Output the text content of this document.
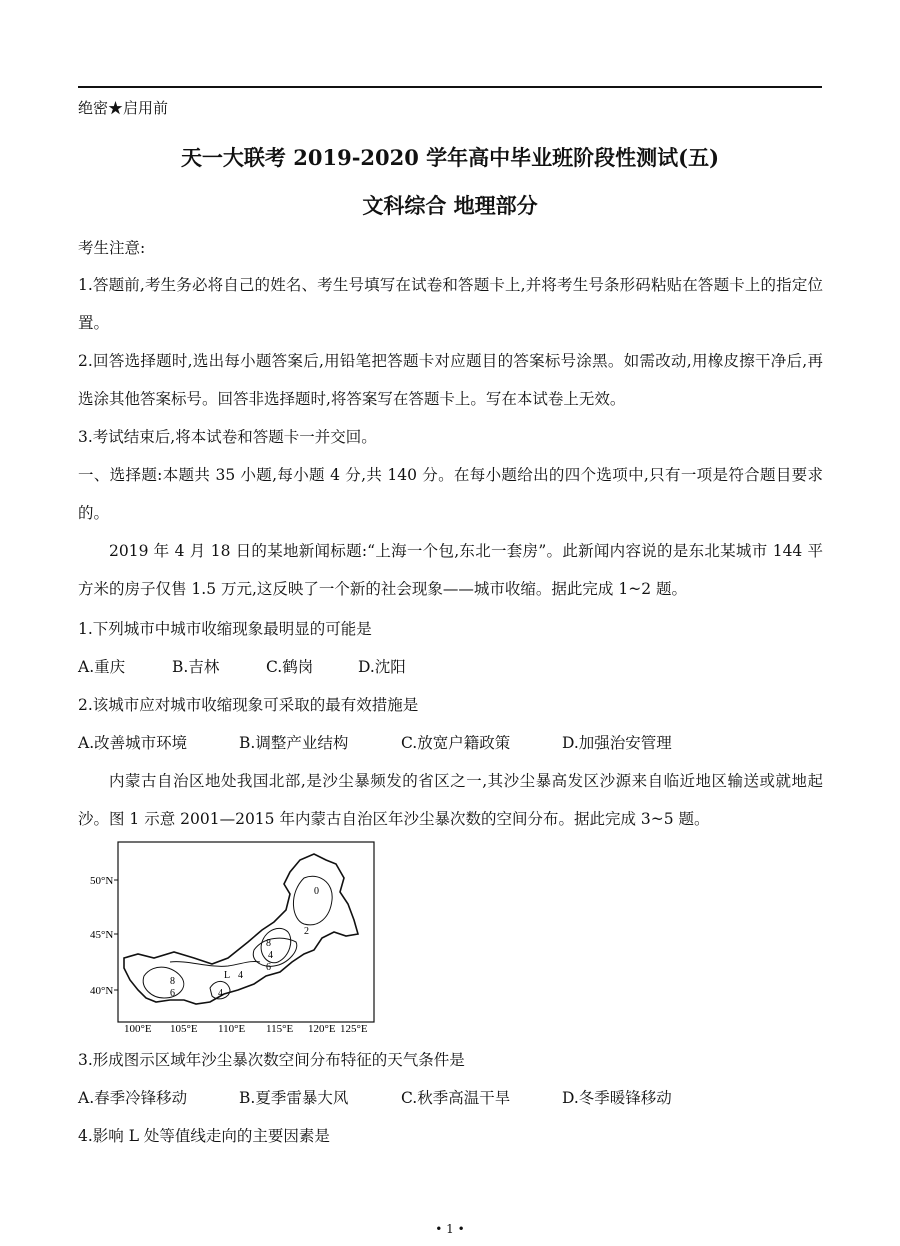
绝密★启用前
天一大联考 2019-2020 学年高中毕业班阶段性测试(五)
文科综合 地理部分
考生注意:
1.答题前,考生务必将自己的姓名、考生号填写在试卷和答题卡上,并将考生号条形码粘贴在答题卡上的指定位置。
2.回答选择题时,选出每小题答案后,用铅笔把答题卡对应题目的答案标号涂黑。如需改动,用橡皮擦干净后,再选涂其他答案标号。回答非选择题时,将答案写在答题卡上。写在本试卷上无效。
3.考试结束后,将本试卷和答题卡一并交回。
一、选择题:本题共 35 小题,每小题 4 分,共 140 分。在每小题给出的四个选项中,只有一项是符合题目要求的。
2019 年 4 月 18 日的某地新闻标题:“上海一个包,东北一套房”。此新闻内容说的是东北某城市 144 平方米的房子仅售 1.5 万元,这反映了一个新的社会现象——城市收缩。据此完成 1~2 题。
1.下列城市中城市收缩现象最明显的可能是
A.重庆	B.吉林	C.鹤岗	D.沈阳
2.该城市应对城市收缩现象可采取的最有效措施是
A.改善城市环境	B.调整产业结构	C.放宽户籍政策	D.加强治安管理
内蒙古自治区地处我国北部,是沙尘暴频发的省区之一,其沙尘暴高发区沙源来自临近地区输送或就地起沙。图 1 示意 2001—2015 年内蒙古自治区年沙尘暴次数的空间分布。据此完成 3~5 题。
50°N
45°N
40°N
100°E 105°E 110°E 115°E 120°E 125°E
0
2
8
4
6
L 4
8
6	4
3.形成图示区域年沙尘暴次数空间分布特征的天气条件是
A.春季冷锋移动	B.夏季雷暴大风	C.秋季高温干旱	D.冬季暖锋移动
4.影响 L 处等值线走向的主要因素是
• 1 •
